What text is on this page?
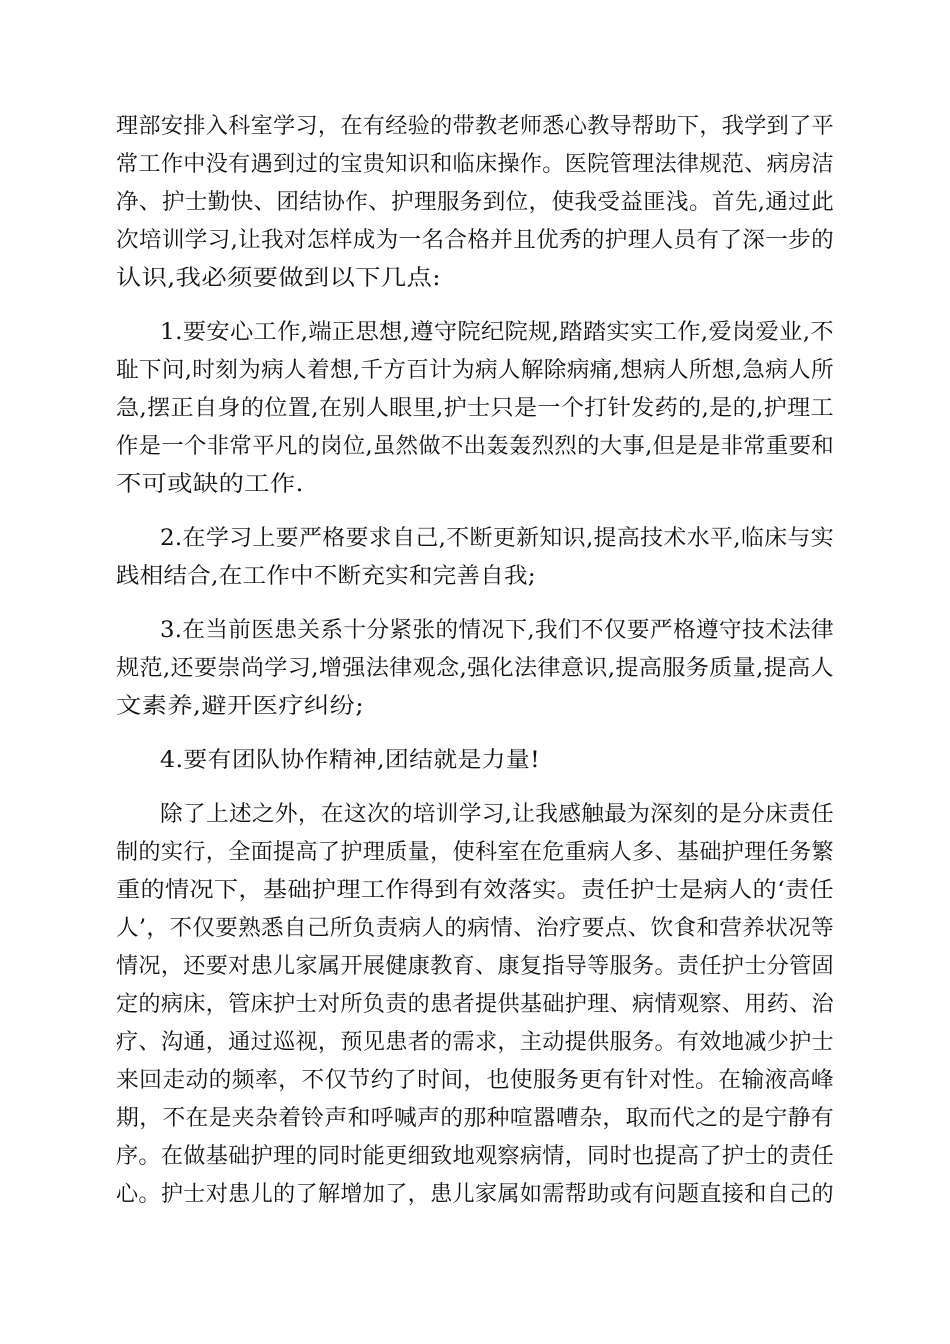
理部安排入科室学习，在有经验的带教老师悉心教导帮助下，我学到了平
常工作中没有遇到过的宝贵知识和临床操作。医院管理法律规范、病房洁
净、护士勤快、团结协作、护理服务到位，使我受益匪浅。首先,通过此
次培训学习,让我对怎样成为一名合格并且优秀的护理人员有了深一步的
认识,我必须要做到以下几点:
1.要安心工作,端正思想,遵守院纪院规,踏踏实实工作,爱岗爱业,不
耻下问,时刻为病人着想,千方百计为病人解除病痛,想病人所想,急病人所
急,摆正自身的位置,在别人眼里,护士只是一个打针发药的,是的,护理工
作是一个非常平凡的岗位,虽然做不出轰轰烈烈的大事,但是是非常重要和
不可或缺的工作.
2.在学习上要严格要求自己,不断更新知识,提高技术水平,临床与实
践相结合,在工作中不断充实和完善自我;
3.在当前医患关系十分紧张的情况下,我们不仅要严格遵守技术法律
规范,还要崇尚学习,增强法律观念,强化法律意识,提高服务质量,提高人
文素养,避开医疗纠纷;
4.要有团队协作精神,团结就是力量!
除了上述之外，在这次的培训学习,让我感触最为深刻的是分床责任
制的实行，全面提高了护理质量，使科室在危重病人多、基础护理任务繁
重的情况下，基础护理工作得到有效落实。责任护士是病人的‘责任
人’，不仅要熟悉自己所负责病人的病情、治疗要点、饮食和营养状况等
情况，还要对患儿家属开展健康教育、康复指导等服务。责任护士分管固
定的病床，管床护士对所负责的患者提供基础护理、病情观察、用药、治
疗、沟通，通过巡视，预见患者的需求，主动提供服务。有效地减少护士
来回走动的频率，不仅节约了时间，也使服务更有针对性。在输液高峰
期，不在是夹杂着铃声和呼喊声的那种喧嚣嘈杂，取而代之的是宁静有
序。在做基础护理的同时能更细致地观察病情，同时也提高了护士的责任
心。护士对患儿的了解增加了，患儿家属如需帮助或有问题直接和自己的
